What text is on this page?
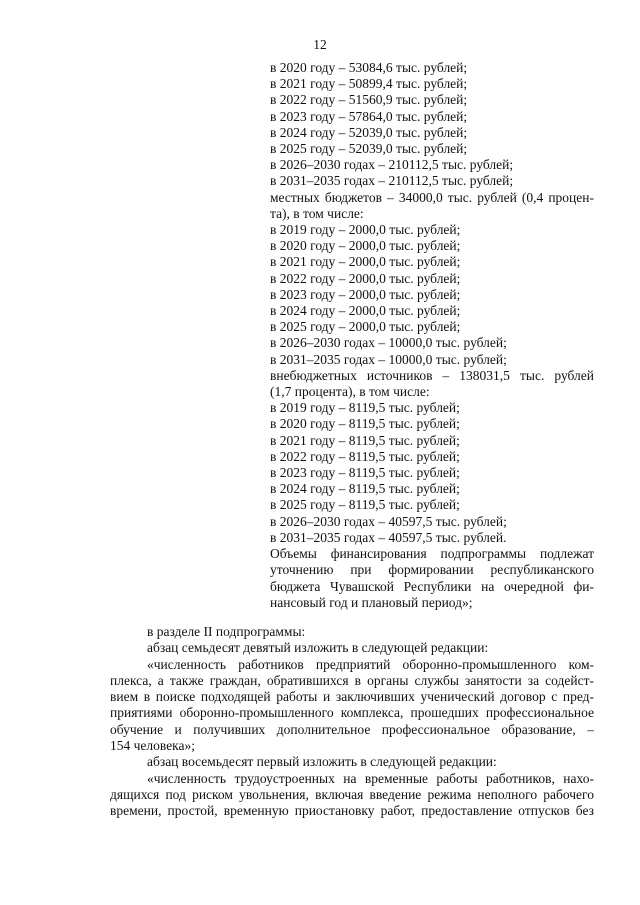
12
в 2020 году – 53084,6 тыс. рублей;
в 2021 году – 50899,4 тыс. рублей;
в 2022 году – 51560,9 тыс. рублей;
в 2023 году – 57864,0 тыс. рублей;
в 2024 году – 52039,0 тыс. рублей;
в 2025 году – 52039,0 тыс. рублей;
в 2026–2030 годах – 210112,5 тыс. рублей;
в 2031–2035 годах – 210112,5 тыс. рублей;
местных бюджетов – 34000,0 тыс. рублей (0,4 процен-
та), в том числе:
в 2019 году – 2000,0 тыс. рублей;
в 2020 году – 2000,0 тыс. рублей;
в 2021 году – 2000,0 тыс. рублей;
в 2022 году – 2000,0 тыс. рублей;
в 2023 году – 2000,0 тыс. рублей;
в 2024 году – 2000,0 тыс. рублей;
в 2025 году – 2000,0 тыс. рублей;
в 2026–2030 годах – 10000,0 тыс. рублей;
в 2031–2035 годах – 10000,0 тыс. рублей;
внебюджетных источников – 138031,5 тыс. рублей
(1,7 процента), в том числе:
в 2019 году – 8119,5 тыс. рублей;
в 2020 году – 8119,5 тыс. рублей;
в 2021 году – 8119,5 тыс. рублей;
в 2022 году – 8119,5 тыс. рублей;
в 2023 году – 8119,5 тыс. рублей;
в 2024 году – 8119,5 тыс. рублей;
в 2025 году – 8119,5 тыс. рублей;
в 2026–2030 годах – 40597,5 тыс. рублей;
в 2031–2035 годах – 40597,5 тыс. рублей.
Объемы финансирования подпрограммы подлежат
уточнению при формировании республиканского
бюджета Чувашской Республики на очередной фи-
нансовый год и плановый период»;
в разделе II подпрограммы:
абзац семьдесят девятый изложить в следующей редакции:
«численность работников предприятий оборонно-промышленного ком-
плекса, а также граждан, обратившихся в органы службы занятости за содейст-
вием в поиске подходящей работы и заключивших ученический договор с пред-
приятиями оборонно-промышленного комплекса, прошедших профессиональное
обучение и получивших дополнительное профессиональное образование, –
154 человека»;
абзац восемьдесят первый изложить в следующей редакции:
«численность трудоустроенных на временные работы работников, нахо-
дящихся под риском увольнения, включая введение режима неполного рабочего
времени, простой, временную приостановку работ, предоставление отпусков без
